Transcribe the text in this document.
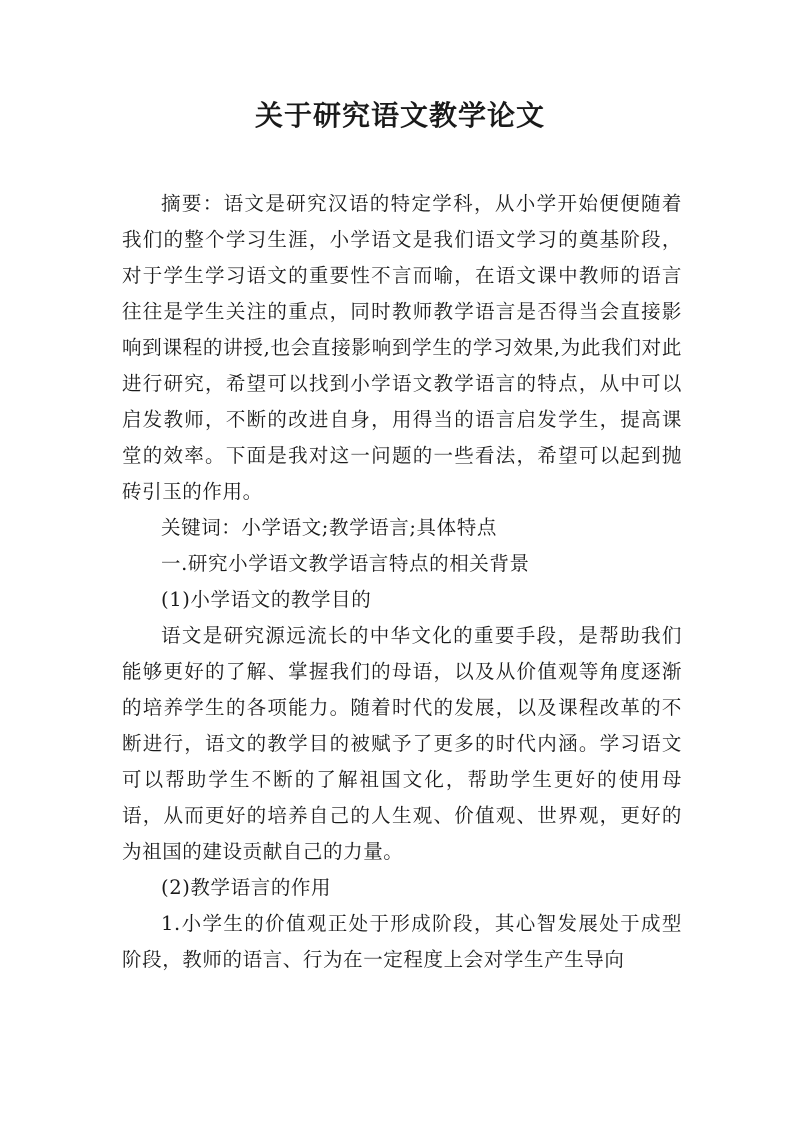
关于研究语文教学论文

摘要：语文是研究汉语的特定学科，从小学开始便便随着我们的整个学习生涯，小学语文是我们语文学习的奠基阶段，对于学生学习语文的重要性不言而喻，在语文课中教师的语言往往是学生关注的重点，同时教师教学语言是否得当会直接影响到课程的讲授,也会直接影响到学生的学习效果,为此我们对此进行研究，希望可以找到小学语文教学语言的特点，从中可以启发教师，不断的改进自身，用得当的语言启发学生，提高课堂的效率。下面是我对这一问题的一些看法，希望可以起到抛砖引玉的作用。

关键词：小学语文;教学语言;具体特点

一.研究小学语文教学语言特点的相关背景

(1)小学语文的教学目的

语文是研究源远流长的中华文化的重要手段，是帮助我们能够更好的了解、掌握我们的母语，以及从价值观等角度逐渐的培养学生的各项能力。随着时代的发展，以及课程改革的不断进行，语文的教学目的被赋予了更多的时代内涵。学习语文可以帮助学生不断的了解祖国文化，帮助学生更好的使用母语，从而更好的培养自己的人生观、价值观、世界观，更好的为祖国的建设贡献自己的力量。

(2)教学语言的作用

1.小学生的价值观正处于形成阶段，其心智发展处于成型阶段，教师的语言、行为在一定程度上会对学生产生导向
